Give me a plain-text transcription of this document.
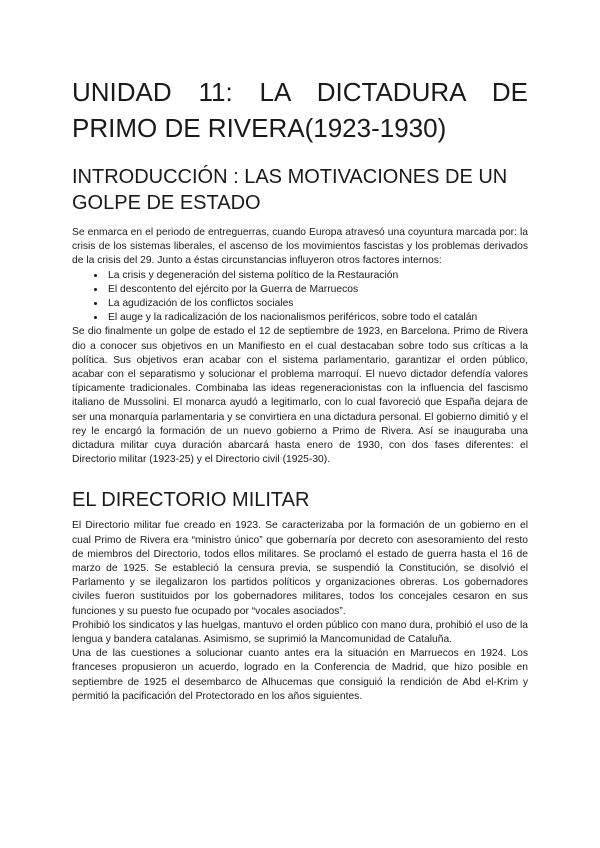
UNIDAD 11: LA DICTADURA DE PRIMO DE RIVERA(1923-1930)
INTRODUCCIÓN : LAS MOTIVACIONES DE UN GOLPE DE ESTADO

Se enmarca en el periodo de entreguerras, cuando Europa atravesó una coyuntura marcada por: la crisis de los sistemas liberales, el ascenso de los movimientos fascistas y los problemas derivados de la crisis del 29. Junto a éstas circunstancias influyeron otros factores internos:

• La crisis y degeneración del sistema político de la Restauración
• El descontento del ejército por la Guerra de Marruecos
• La agudización de los conflictos sociales
• El auge y la radicalización de los nacionalismos periféricos, sobre todo el catalán

Se dio finalmente un golpe de estado el 12 de septiembre de 1923, en Barcelona. Primo de Rivera dio a conocer sus objetivos en un Manifiesto en el cual destacaban sobre todo sus críticas a la política. Sus objetivos eran acabar con el sistema parlamentario, garantizar el orden público, acabar con el separatismo y solucionar el problema marroquí. El nuevo dictador defendía valores típicamente tradicionales. Combinaba las ideas regeneracionistas con la influencia del fascismo italiano de Mussolini. El monarca ayudó a legitimarlo, con lo cual favoreció que España dejara de ser una monarquía parlamentaria y se convirtiera en una dictadura personal. El gobierno dimitió y el rey le encargó la formación de un nuevo gobierno a Primo de Rivera. Así se inauguraba una dictadura militar cuya duración abarcará hasta enero de 1930, con dos fases diferentes: el Directorio militar (1923-25) y el Directorio civil (1925-30).

EL DIRECTORIO MILITAR

El Directorio militar fue creado en 1923. Se caracterizaba por la formación de un gobierno en el cual Primo de Rivera era “ministro único” que gobernaría por decreto con asesoramiento del resto de miembros del Directorio, todos ellos militares. Se proclamó el estado de guerra hasta el 16 de marzo de 1925. Se estableció la censura previa, se suspendió la Constitución, se disolvió el Parlamento y se ilegalizaron los partidos políticos y organizaciones obreras. Los gobernadores civiles fueron sustituidos por los gobernadores militares, todos los concejales cesaron en sus funciones y su puesto fue ocupado por “vocales asociados”.

Prohibió los sindicatos y las huelgas, mantuvo el orden público con mano dura, prohibió el uso de la lengua y bandera catalanas. Asimismo, se suprimió la Mancomunidad de Cataluña.

Una de las cuestiones a solucionar cuanto antes era la situación en Marruecos en 1924. Los franceses propusieron un acuerdo, logrado en la Conferencia de Madrid, que hizo posible en septiembre de 1925 el desembarco de Alhucemas que consiguió la rendición de Abd el-Krim y permitió la pacificación del Protectorado en los años siguientes.
